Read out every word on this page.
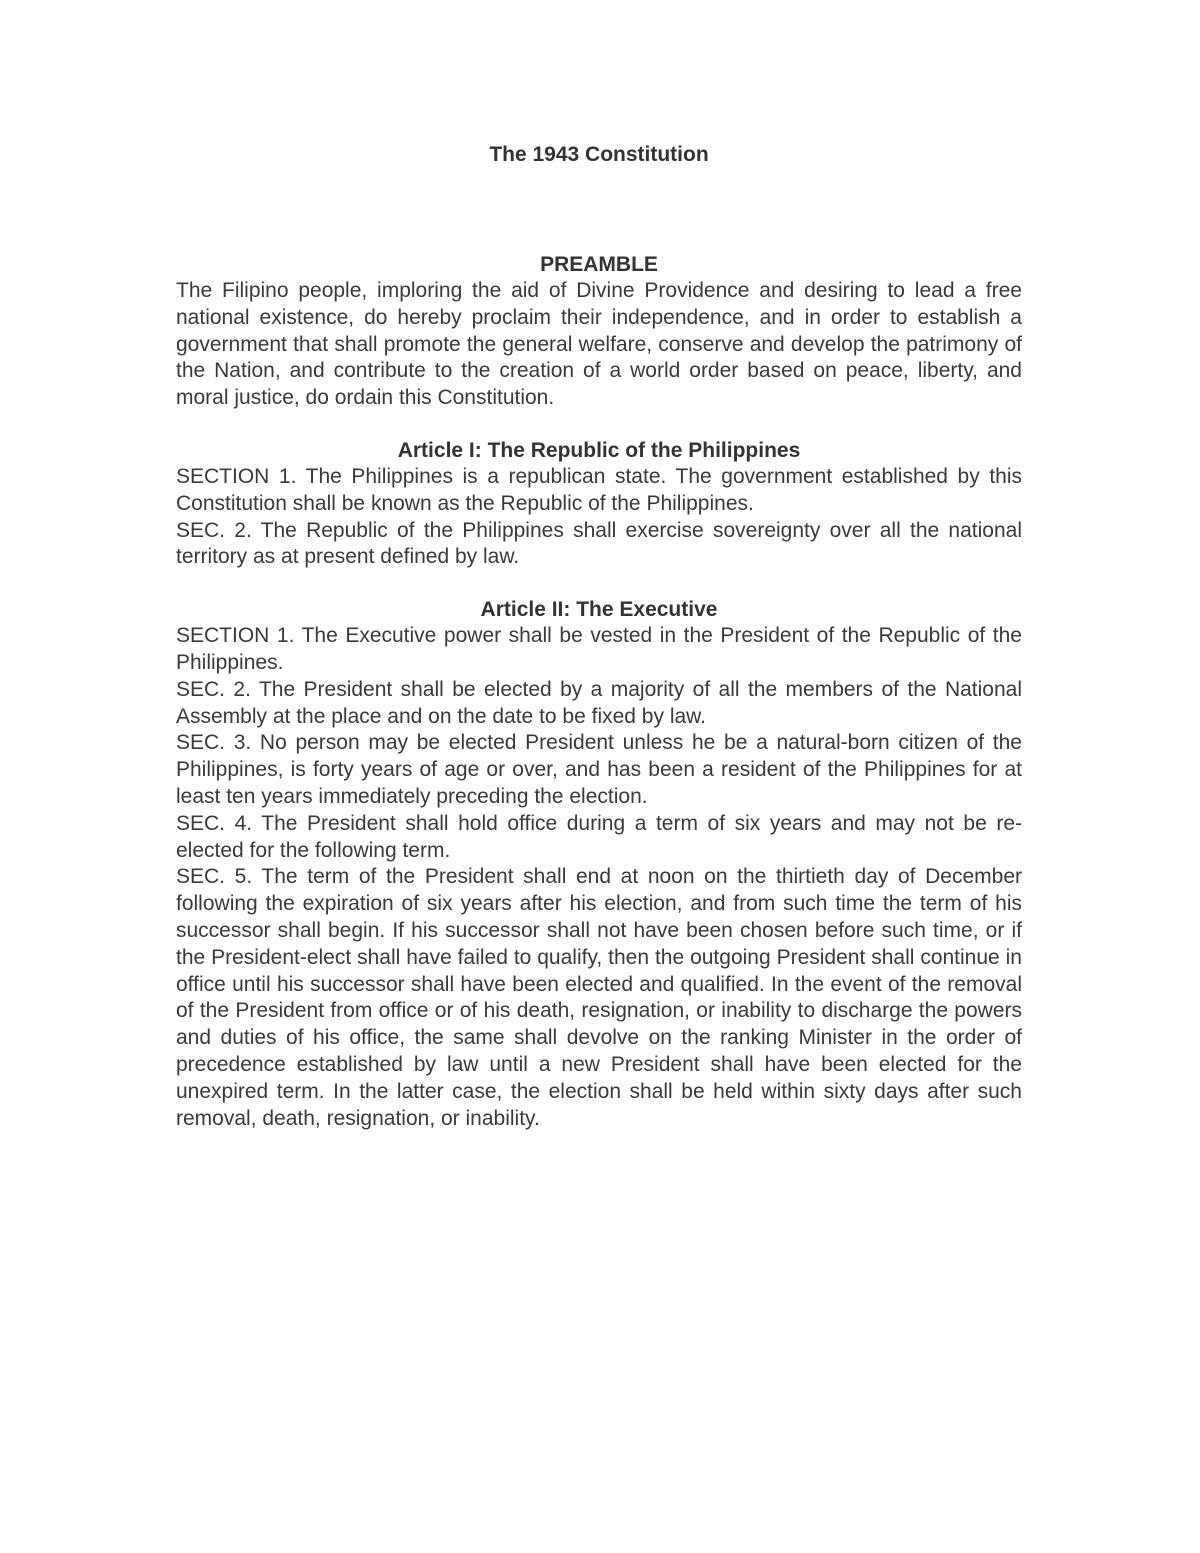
The 1943 Constitution
PREAMBLE

The Filipino people, imploring the aid of Divine Providence and desiring to lead a free national existence, do hereby proclaim their independence, and in order to establish a government that shall promote the general welfare, conserve and develop the patrimony of the Nation, and contribute to the creation of a world order based on peace, liberty, and moral justice, do ordain this Constitution.

Article I: The Republic of the Philippines

SECTION 1. The Philippines is a republican state. The government established by this Constitution shall be known as the Republic of the Philippines.

SEC. 2. The Republic of the Philippines shall exercise sovereignty over all the national territory as at present defined by law.

Article II: The Executive

SECTION 1. The Executive power shall be vested in the President of the Republic of the Philippines.

SEC. 2. The President shall be elected by a majority of all the members of the National Assembly at the place and on the date to be fixed by law.

SEC. 3. No person may be elected President unless he be a natural-born citizen of the Philippines, is forty years of age or over, and has been a resident of the Philippines for at least ten years immediately preceding the election.

SEC. 4. The President shall hold office during a term of six years and may not be re-elected for the following term.

SEC. 5. The term of the President shall end at noon on the thirtieth day of December following the expiration of six years after his election, and from such time the term of his successor shall begin. If his successor shall not have been chosen before such time, or if the President-elect shall have failed to qualify, then the outgoing President shall continue in office until his successor shall have been elected and qualified. In the event of the removal of the President from office or of his death, resignation, or inability to discharge the powers and duties of his office, the same shall devolve on the ranking Minister in the order of precedence established by law until a new President shall have been elected for the unexpired term. In the latter case, the election shall be held within sixty days after such removal, death, resignation, or inability.
